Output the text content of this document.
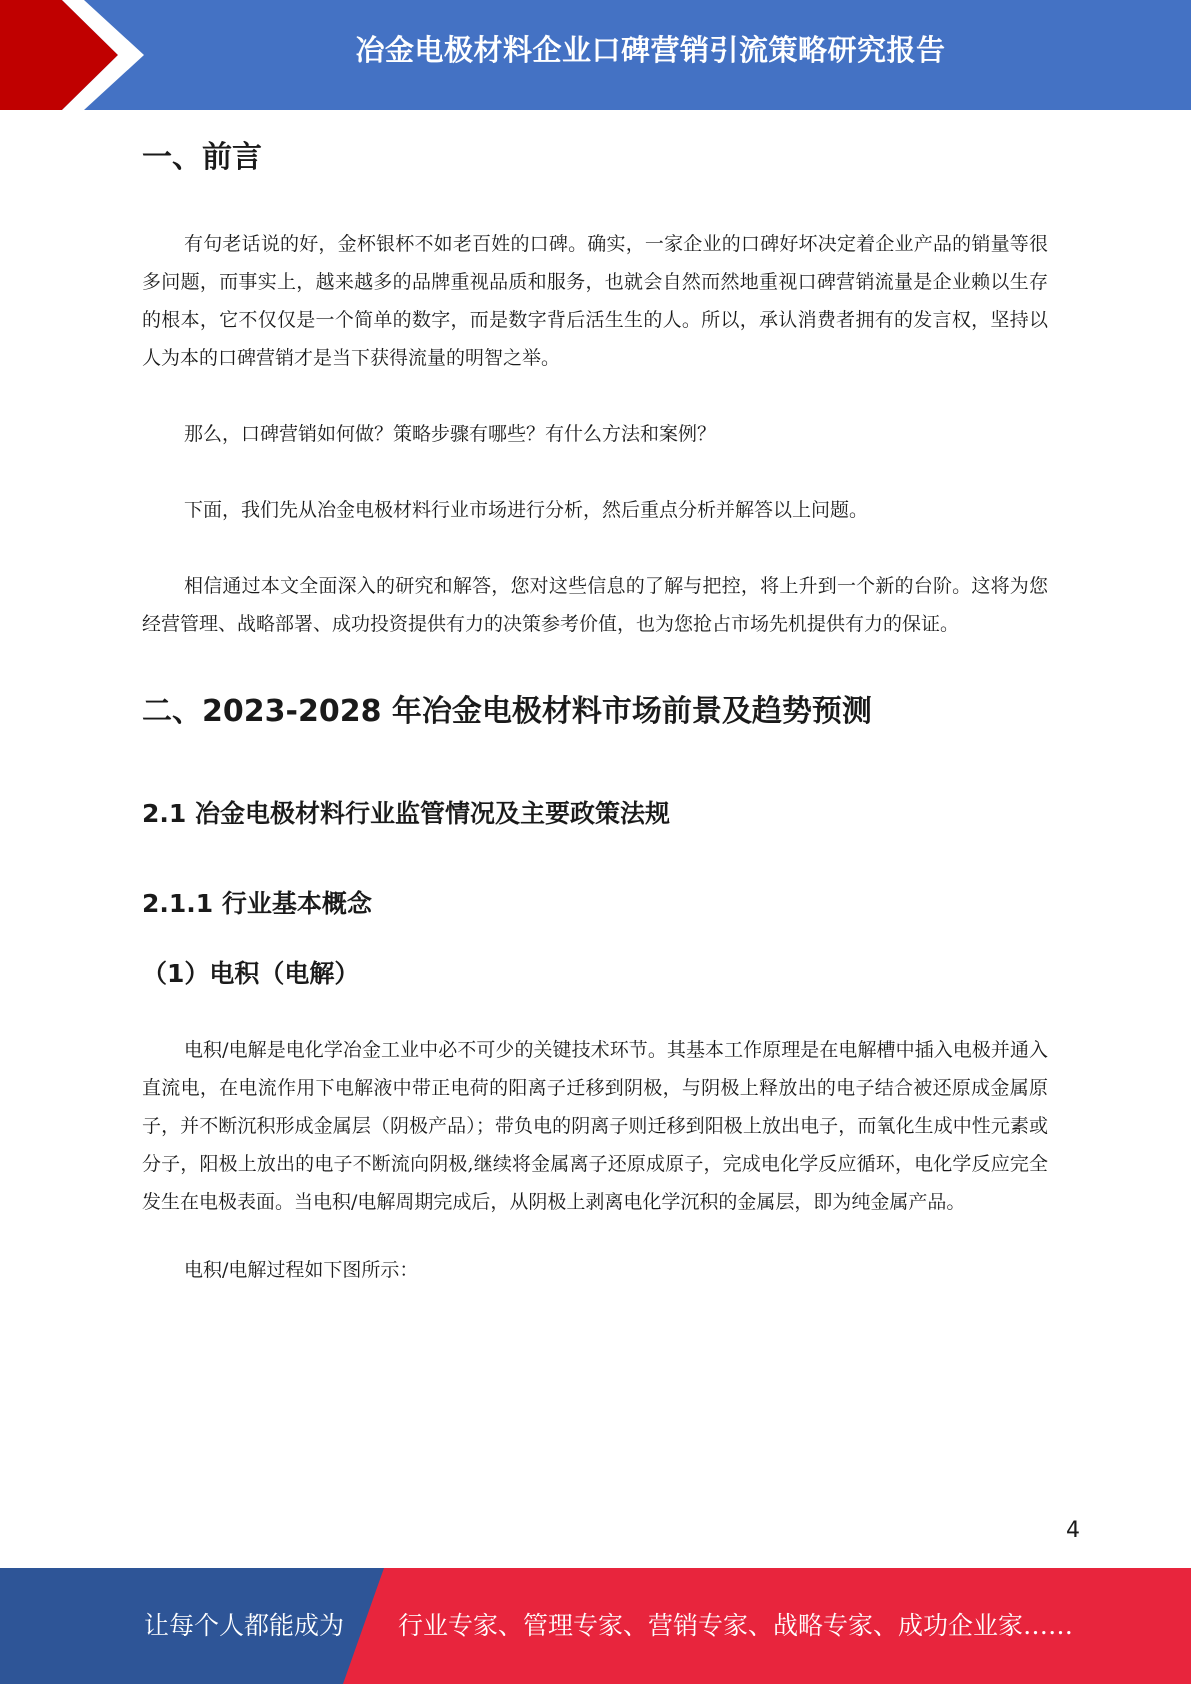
冶金电极材料企业口碑营销引流策略研究报告
一、前言

有句老话说的好，金杯银杯不如老百姓的口碑。确实，一家企业的口碑好坏决定着企业产品的销量等很多问题，而事实上，越来越多的品牌重视品质和服务，也就会自然而然地重视口碑营销流量是企业赖以生存的根本，它不仅仅是一个简单的数字，而是数字背后活生生的人。所以，承认消费者拥有的发言权，坚持以人为本的口碑营销才是当下获得流量的明智之举。

那么，口碑营销如何做？策略步骤有哪些？有什么方法和案例？

下面，我们先从冶金电极材料行业市场进行分析，然后重点分析并解答以上问题。

相信通过本文全面深入的研究和解答，您对这些信息的了解与把控，将上升到一个新的台阶。这将为您经营管理、战略部署、成功投资提供有力的决策参考价值，也为您抢占市场先机提供有力的保证。

二、2023-2028 年冶金电极材料市场前景及趋势预测
2.1 冶金电极材料行业监管情况及主要政策法规
2.1.1 行业基本概念
（1）电积（电解）

电积/电解是电化学冶金工业中必不可少的关键技术环节。其基本工作原理是在电解槽中插入电极并通入直流电，在电流作用下电解液中带正电荷的阳离子迁移到阴极，与阴极上释放出的电子结合被还原成金属原子，并不断沉积形成金属层（阴极产品）；带负电的阴离子则迁移到阳极上放出电子，而氧化生成中性元素或分子，阳极上放出的电子不断流向阴极,继续将金属离子还原成原子，完成电化学反应循环，电化学反应完全发生在电极表面。当电积/电解周期完成后，从阴极上剥离电化学沉积的金属层，即为纯金属产品。

电积/电解过程如下图所示：

4
让每个人都能成为 行业专家、管理专家、营销专家、战略专家、成功企业家……
